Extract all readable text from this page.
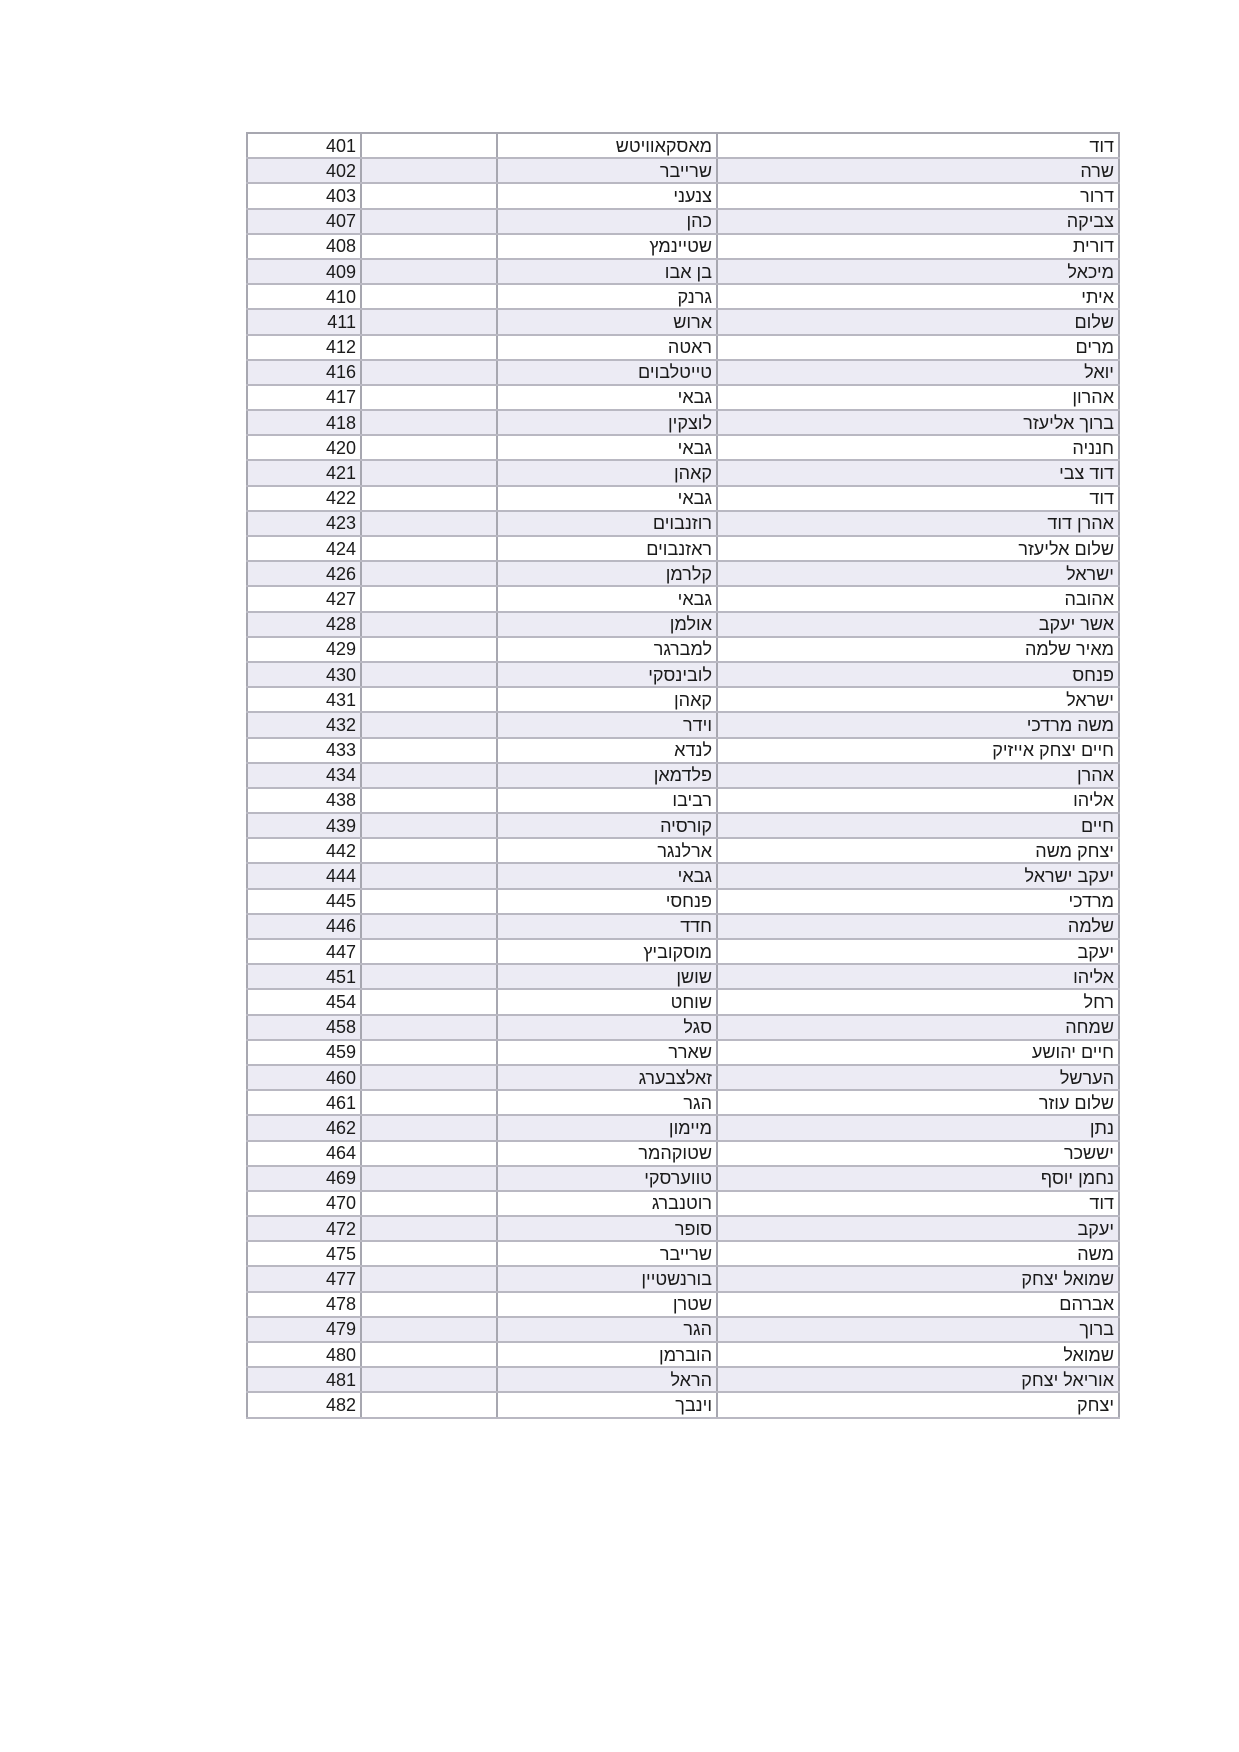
401		מאסקאוויטש	דוד
402		שרייבר	שרה
403		צנעני	דרור
407		כהן	צביקה
408		שטיינמץ	דורית
409		בן אבו	מיכאל
410		גרנק	איתי
411		ארוש	שלום
412		ראטה	מרים
416		טייטלבוים	יואל
417		גבאי	אהרון
418		לוצקין	ברוך אליעזר
420		גבאי	חנניה
421		קאהן	דוד צבי
422		גבאי	דוד
423		רוזנבוים	אהרן דוד
424		ראזנבוים	שלום אליעזר
426		קלרמן	ישראל
427		גבאי	אהובה
428		אולמן	אשר יעקב
429		למברגר	מאיר שלמה
430		לובינסקי	פנחס
431		קאהן	ישראל
432		וידר	משה מרדכי
433		לנדא	חיים יצחק אייזיק
434		פלדמאן	אהרן
438		רביבו	אליהו
439		קורסיה	חיים
442		ארלנגר	יצחק משה
444		גבאי	יעקב ישראל
445		פנחסי	מרדכי
446		חדד	שלמה
447		מוסקוביץ	יעקב
451		שושן	אליהו
454		שוחט	רחל
458		סגל	שמחה
459		שארר	חיים יהושע
460		זאלצבערג	הערשל
461		הגר	שלום עוזר
462		מיימון	נתן
464		שטוקהמר	יששכר
469		טווערסקי	נחמן יוסף
470		רוטנברג	דוד
472		סופר	יעקב
475		שרייבר	משה
477		בורנשטיין	שמואל יצחק
478		שטרן	אברהם
479		הגר	ברוך
480		הוברמן	שמואל
481		הראל	אוריאל יצחק
482		וינבך	יצחק
